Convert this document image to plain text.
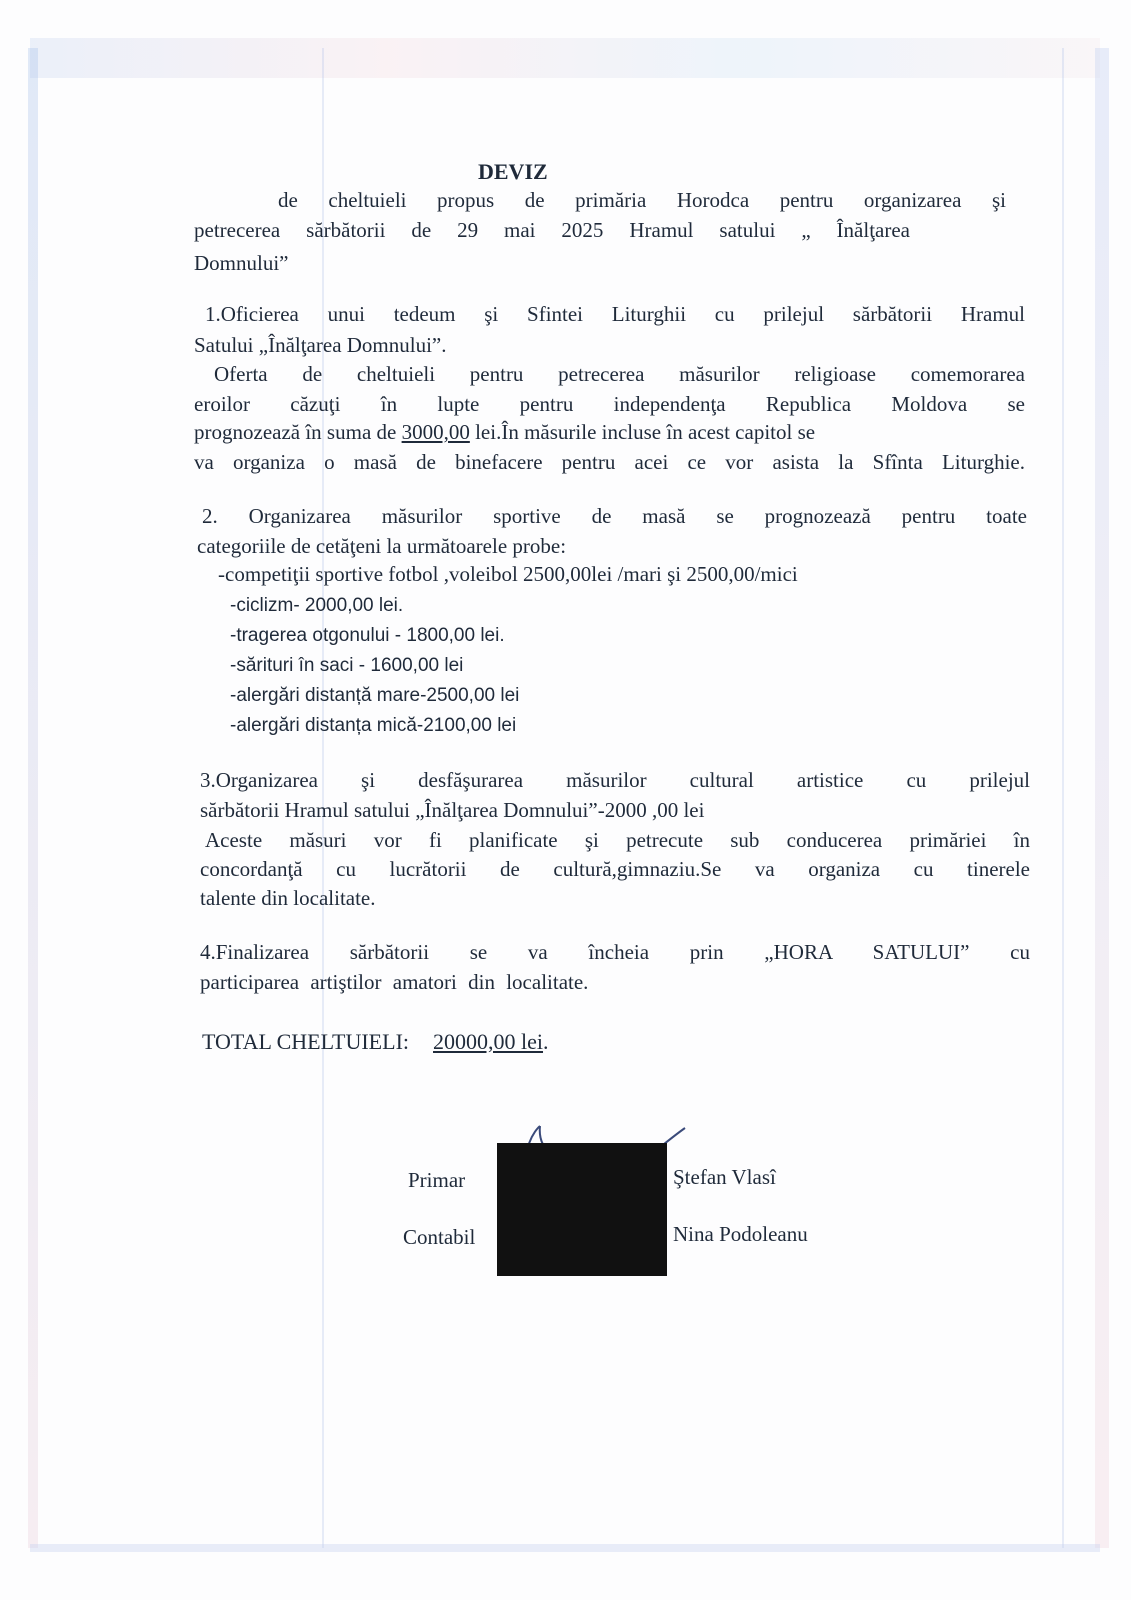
DEVIZ

de cheltuieli propus de primăria Horodca pentru organizarea şi

petrecerea sărbătorii de 29 mai 2025 Hramul satului „ Înălţarea

Domnului”

1.Oficierea unui tedeum şi Sfintei Liturghii cu prilejul sărbătorii Hramul

Satului „Înălţarea Domnului”.

Oferta de cheltuieli pentru petrecerea măsurilor religioase comemorarea

eroilor căzuţi în lupte pentru independenţa Republica Moldova se

prognozează în suma de 3000,00 lei.În măsurile incluse în acest capitol se

va organiza o masă de binefacere pentru acei ce vor asista la Sfînta Liturghie.

2. Organizarea măsurilor sportive de masă se prognozează pentru toate

categoriile de cetăţeni la următoarele probe:

-competiţii sportive fotbol ,voleibol 2500,00lei /mari şi 2500,00/mici

-ciclizm- 2000,00 lei.

-tragerea otgonului - 1800,00 lei.

-sărituri în saci - 1600,00 lei

-alergări distanță mare-2500,00 lei

-alergări distanța mică-2100,00 lei

3.Organizarea şi desfăşurarea măsurilor cultural artistice cu prilejul

sărbătorii Hramul satului „Înălţarea Domnului”-2000 ,00 lei

Aceste măsuri vor fi planificate şi petrecute sub conducerea primăriei în

concordanţă cu lucrătorii de cultură,gimnaziu.Se va organiza cu tinerele

talente din localitate.

4.Finalizarea sărbătorii se va încheia prin „HORA SATULUI” cu

participarea artiştilor amatori din localitate.

TOTAL CHELTUIELI: 20000,00 lei.

Primar	Ştefan Vlasî

Contabil	Nina Podoleanu
